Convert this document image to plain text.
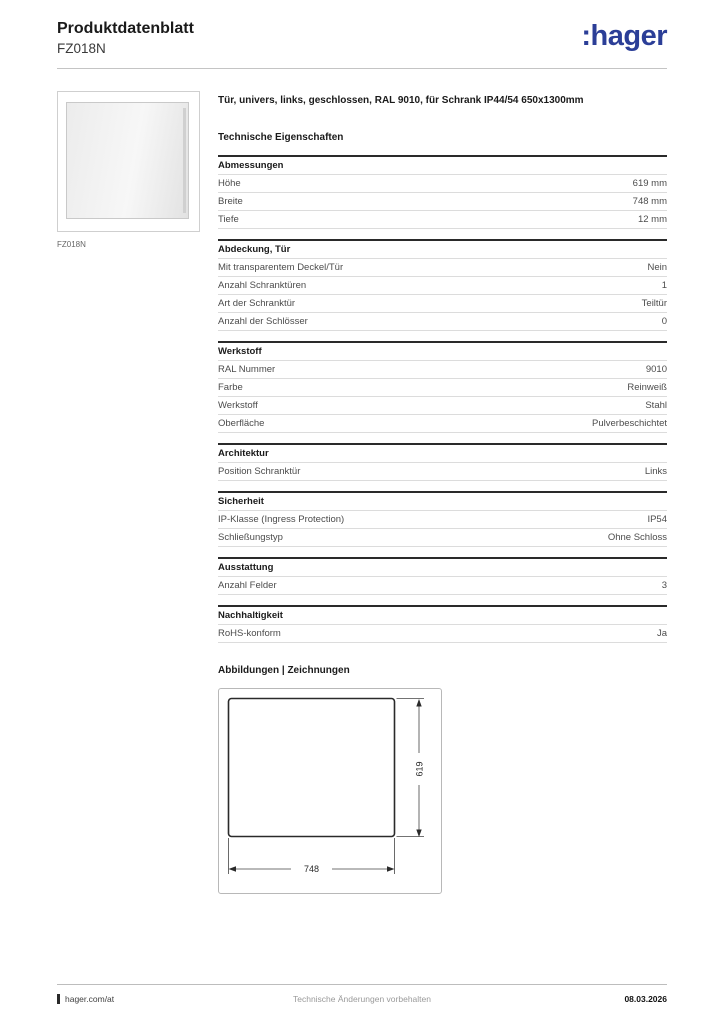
Produktdatenblatt
FZ018N	:hager
FZ018N

Tür, univers, links, geschlossen, RAL 9010, für Schrank IP44/54 650x1300mm

Technische Eigenschaften
Abmessungen
Höhe	619 mm
Breite	748 mm
Tiefe	12 mm
Abdeckung, Tür
Mit transparentem Deckel/Tür	Nein
Anzahl Schranktüren	1
Art der Schranktür	Teiltür
Anzahl der Schlösser	0
Werkstoff
RAL Nummer	9010
Farbe	Reinweiß
Werkstoff	Stahl
Oberfläche	Pulverbeschichtet
Architektur
Position Schranktür	Links
Sicherheit
IP-Klasse (Ingress Protection)	IP54
Schließungstyp	Ohne Schloss
Ausstattung
Anzahl Felder	3
Nachhaltigkeit
RoHS-konform	Ja
Abbildungen | Zeichnungen
619
748
hager.com/at	Technische Änderungen vorbehalten	08.03.2026
